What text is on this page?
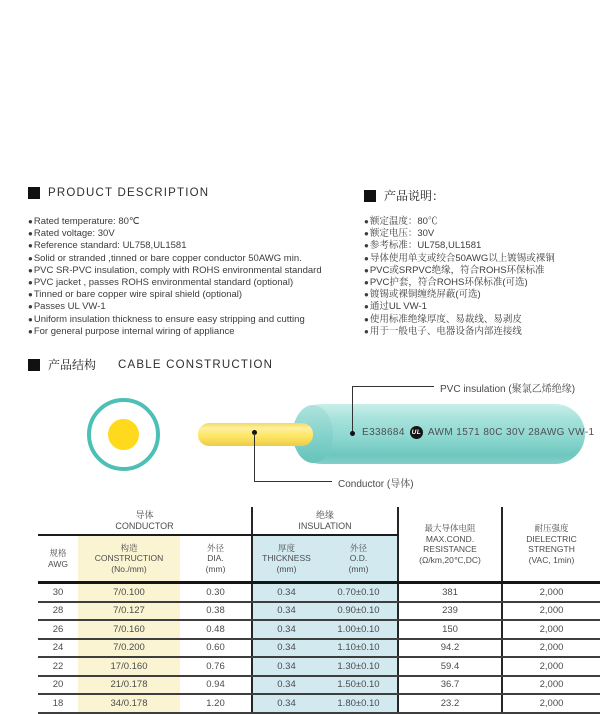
PRODUCT DESCRIPTION	产品说明：
● Rated temperature: 80℃
● Rated voltage: 30V
● Reference standard: UL758,UL1581
● Solid or stranded ,tinned or bare copper conductor 50AWG min.
● PVC SR-PVC insulation, comply with ROHS environmental standard
● PVC jacket , passes ROHS environmental standard (optional)
● Tinned or bare copper wire spiral shield (optional)
● Passes UL VW-1
● Uniform insulation thickness to ensure easy stripping and cutting
● For general purpose internal wiring of appliance
● 额定温度：80℃
● 额定电压：30V
● 参考标准：UL758,UL1581
● 导体使用单支或绞合50AWG以上镀锡或裸铜
● PVC或SRPVC绝缘，符合ROHS环保标准
● PVC护套，符合ROHS环保标准(可选)
● 镀锡或裸铜缠绕屏蔽(可选)
● 通过UL VW-1
● 使用标准绝缘厚度、易裁线、易剥皮
● 用于一般电子、电器设备内部连接线
产品结构 CABLE CONSTRUCTION
E338684 UL AWM 1571 80C 30V 28AWG VW-1
PVC insulation (聚氯乙烯绝缘)
Conductor (导体)
导体
CONDUCTOR

绝缘
INSULATION	最大导体电阻
MAX.COND.
RESISTANCE
(Ω/km,20℃,DC)

耐压强度
DIELECTRIC
STRENGTH
(VAC, 1min)

规格
AWG

构造
CONSTRUCTION
(No./mm)

外径
DIA.
(mm)

厚度
THICKNESS
(mm)

外径
O.D.
(mm)

30	7/0.100	0.30	0.34	0.70±0.10	381	2,000
28	7/0.127	0.38	0.34	0.90±0.10	239	2,000
26	7/0.160	0.48	0.34	1.00±0.10	150	2,000
24	7/0.200	0.60	0.34	1.10±0.10	94.2	2,000
22	17/0.160	0.76	0.34	1.30±0.10	59.4	2,000
20	21/0.178	0.94	0.34	1.50±0.10	36.7	2,000
18	34/0.178	1.20	0.34	1.80±0.10	23.2	2,000
